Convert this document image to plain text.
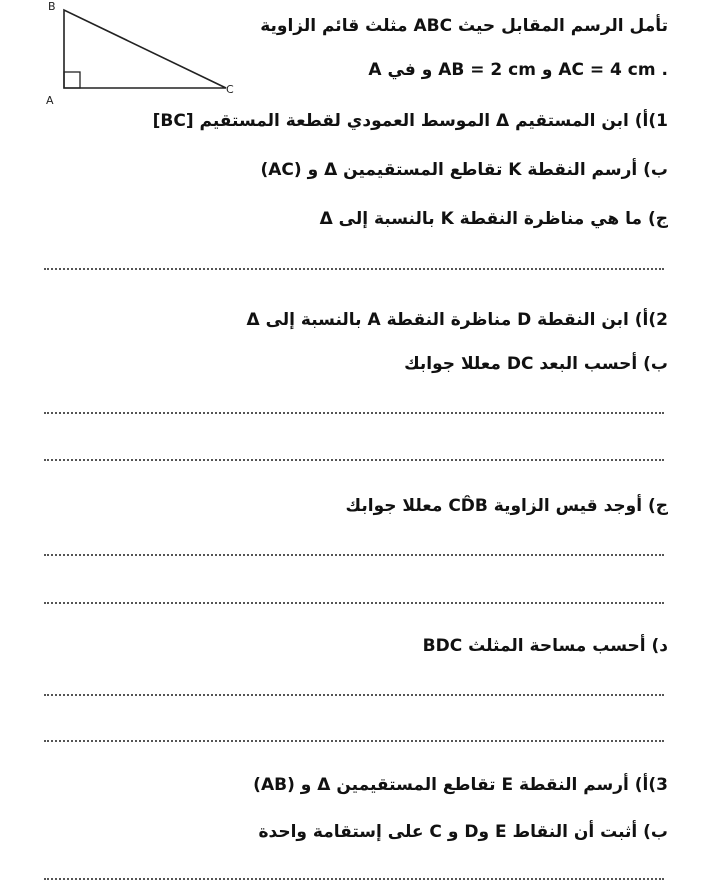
B
A
C
تأمل الرسم المقابل حيث ABC مثلث قائم الزاوية
. AC = 4 cm و AB = 2 cm و في A
1)أ) ابن المستقيم Δ الموسط العمودي لقطعة المستقيم [BC]
ب) أرسم النقطة K تقاطع المستقيمين Δ و (AC)
ج) ما هي مناظرة النقطة K بالنسبة إلى Δ
2)أ) ابن النقطة D مناظرة النقطة A بالنسبة إلى Δ
ب) أحسب البعد DC معللا جوابك
ج) أوجد قيس الزاوية CD̂B معللا جوابك
د) أحسب مساحة المثلث BDC
3)أ) أرسم النقطة E تقاطع المستقيمين Δ و (AB)
ب) أثبت أن النقاط E وD و C على إستقامة واحدة
